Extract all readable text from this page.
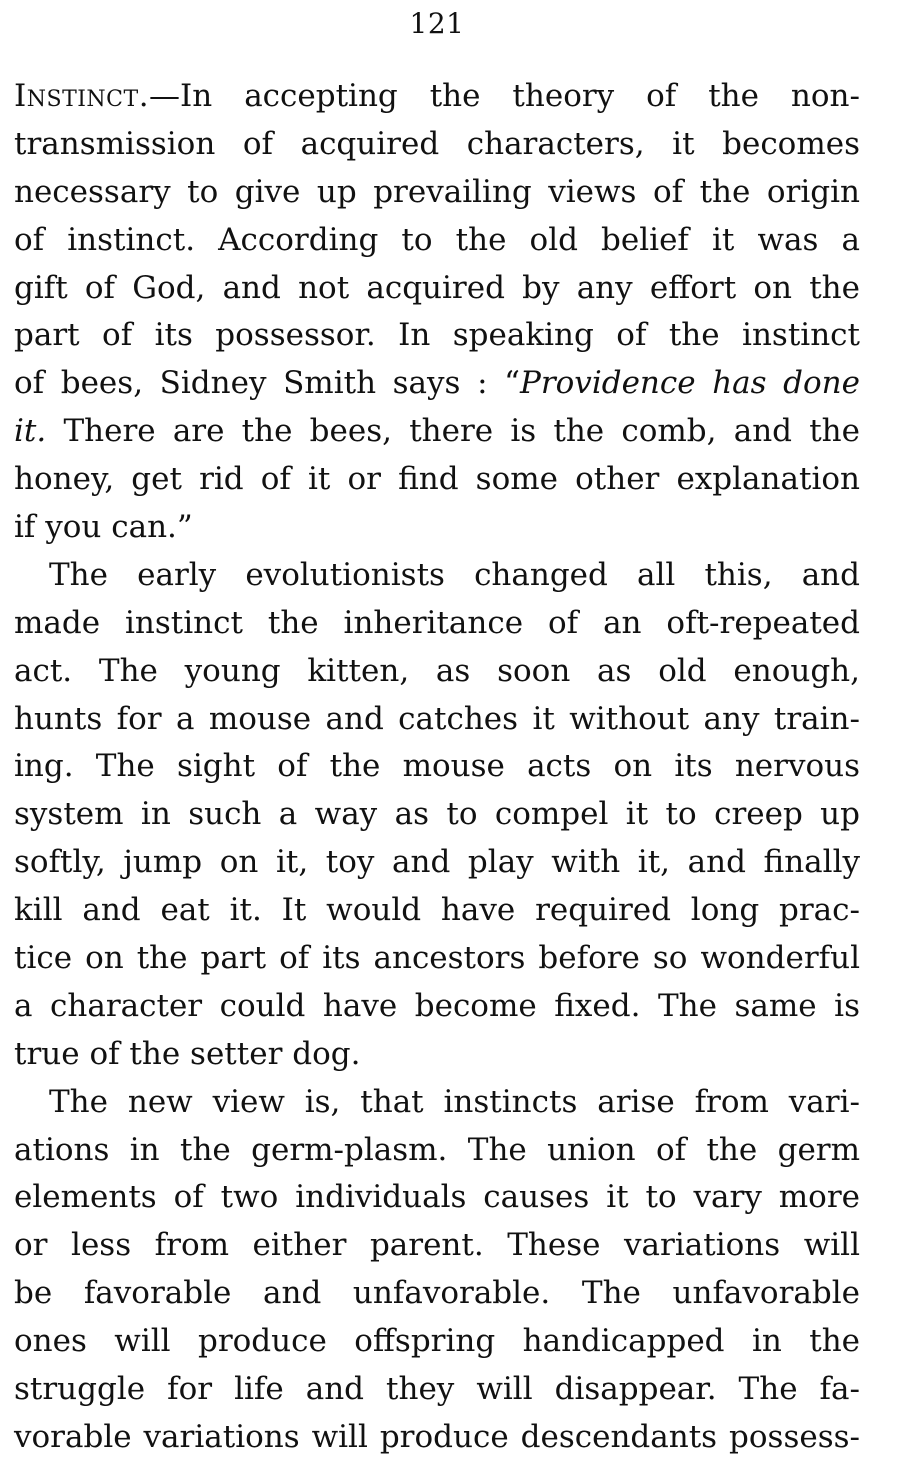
121
Instinct.—In accepting the theory of the non-
transmission of acquired characters, it becomes
necessary to give up prevailing views of the origin
of instinct. According to the old belief it was a
gift of God, and not acquired by any effort on the
part of its possessor. In speaking of the instinct
of bees, Sidney Smith says : “Providence has done
it. There are the bees, there is the comb, and the
honey, get rid of it or find some other explanation
if you can.”
The early evolutionists changed all this, and
made instinct the inheritance of an oft-repeated
act. The young kitten, as soon as old enough,
hunts for a mouse and catches it without any train-
ing. The sight of the mouse acts on its nervous
system in such a way as to compel it to creep up
softly, jump on it, toy and play with it, and finally
kill and eat it. It would have required long prac-
tice on the part of its ancestors before so wonderful
a character could have become fixed. The same is
true of the setter dog.
The new view is, that instincts arise from vari-
ations in the germ-plasm. The union of the germ
elements of two individuals causes it to vary more
or less from either parent. These variations will
be favorable and unfavorable. The unfavorable
ones will produce offspring handicapped in the
struggle for life and they will disappear. The fa-
vorable variations will produce descendants possess-
